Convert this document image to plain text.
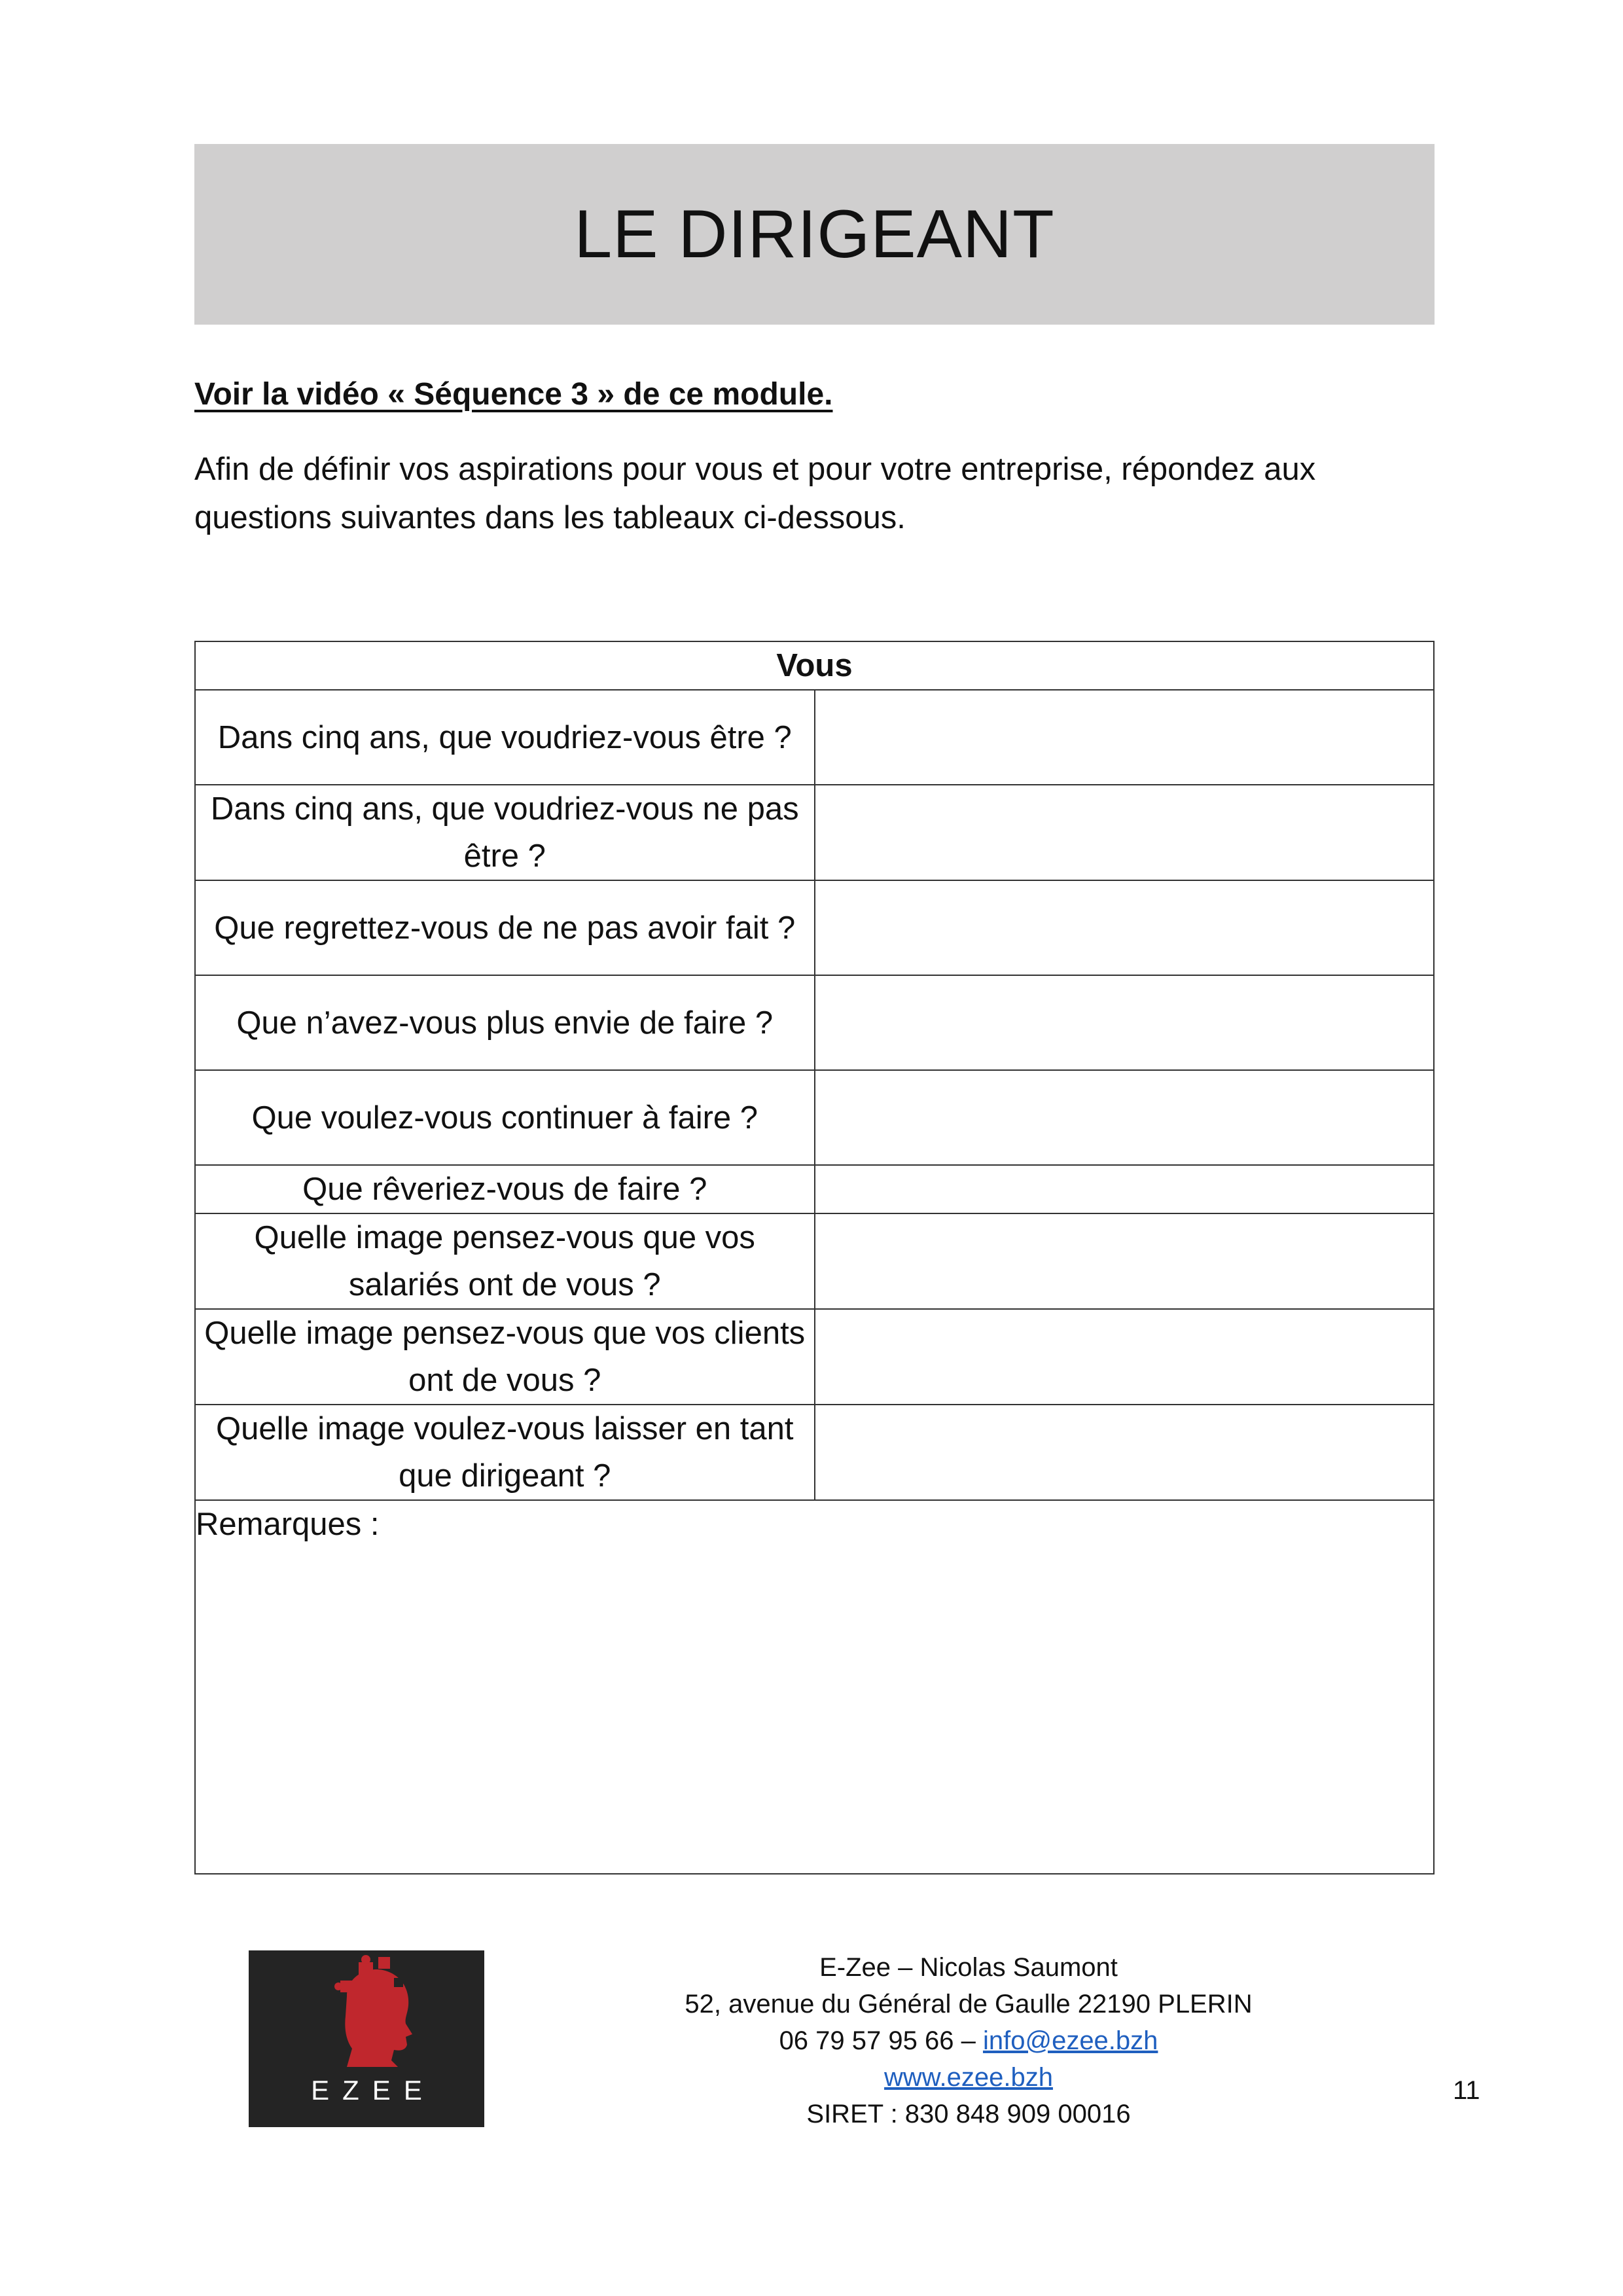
LE DIRIGEANT
Voir la vidéo « Séquence 3 » de ce module.
Afin de définir vos aspirations pour vous et pour votre entreprise, répondez aux questions suivantes dans les tableaux ci-dessous.
Vous	
Dans cinq ans, que voudriez-vous être ?	
Dans cinq ans, que voudriez-vous ne pas être ?	
Que regrettez-vous de ne pas avoir fait ?	
Que n’avez-vous plus envie de faire ?	
Que voulez-vous continuer à faire ?	
Que rêveriez-vous de faire ?	
Quelle image pensez-vous que vos salariés ont de vous ?	
Quelle image pensez-vous que vos clients ont de vous ?	
Quelle image voulez-vous laisser en tant que dirigeant ?	
Remarques :	
EZEE
E-Zee – Nicolas Saumont
52, avenue du Général de Gaulle 22190 PLERIN
06 79 57 95 66 – info@ezee.bzh
www.ezee.bzh
SIRET : 830 848 909 00016
11
